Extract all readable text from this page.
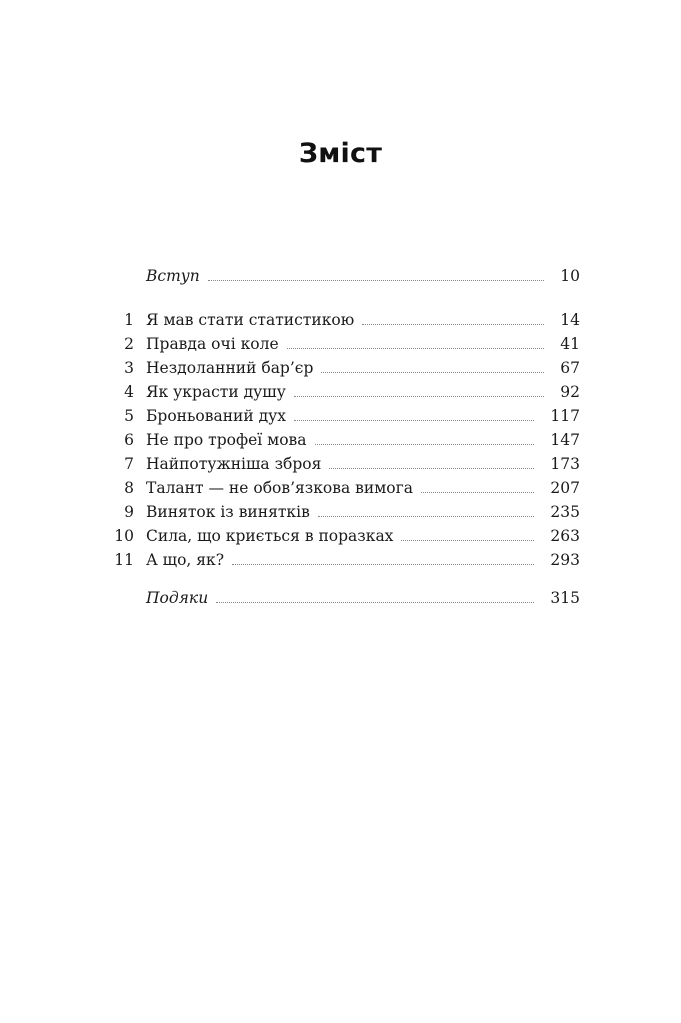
Зміст
Вступ	10
1 Я мав стати статистикою	14
2 Правда очі коле	41
3 Нездоланний бар’єр	67
4 Як украсти душу	92
5 Броньований дух	117
6 Не про трофеї мова	147
7 Найпотужніша зброя	173
8 Талант — не обов’язкова вимога	207
9 Виняток із винятків	235
10 Сила, що криється в поразках	263
11 А що, як?	293
Подяки	315
